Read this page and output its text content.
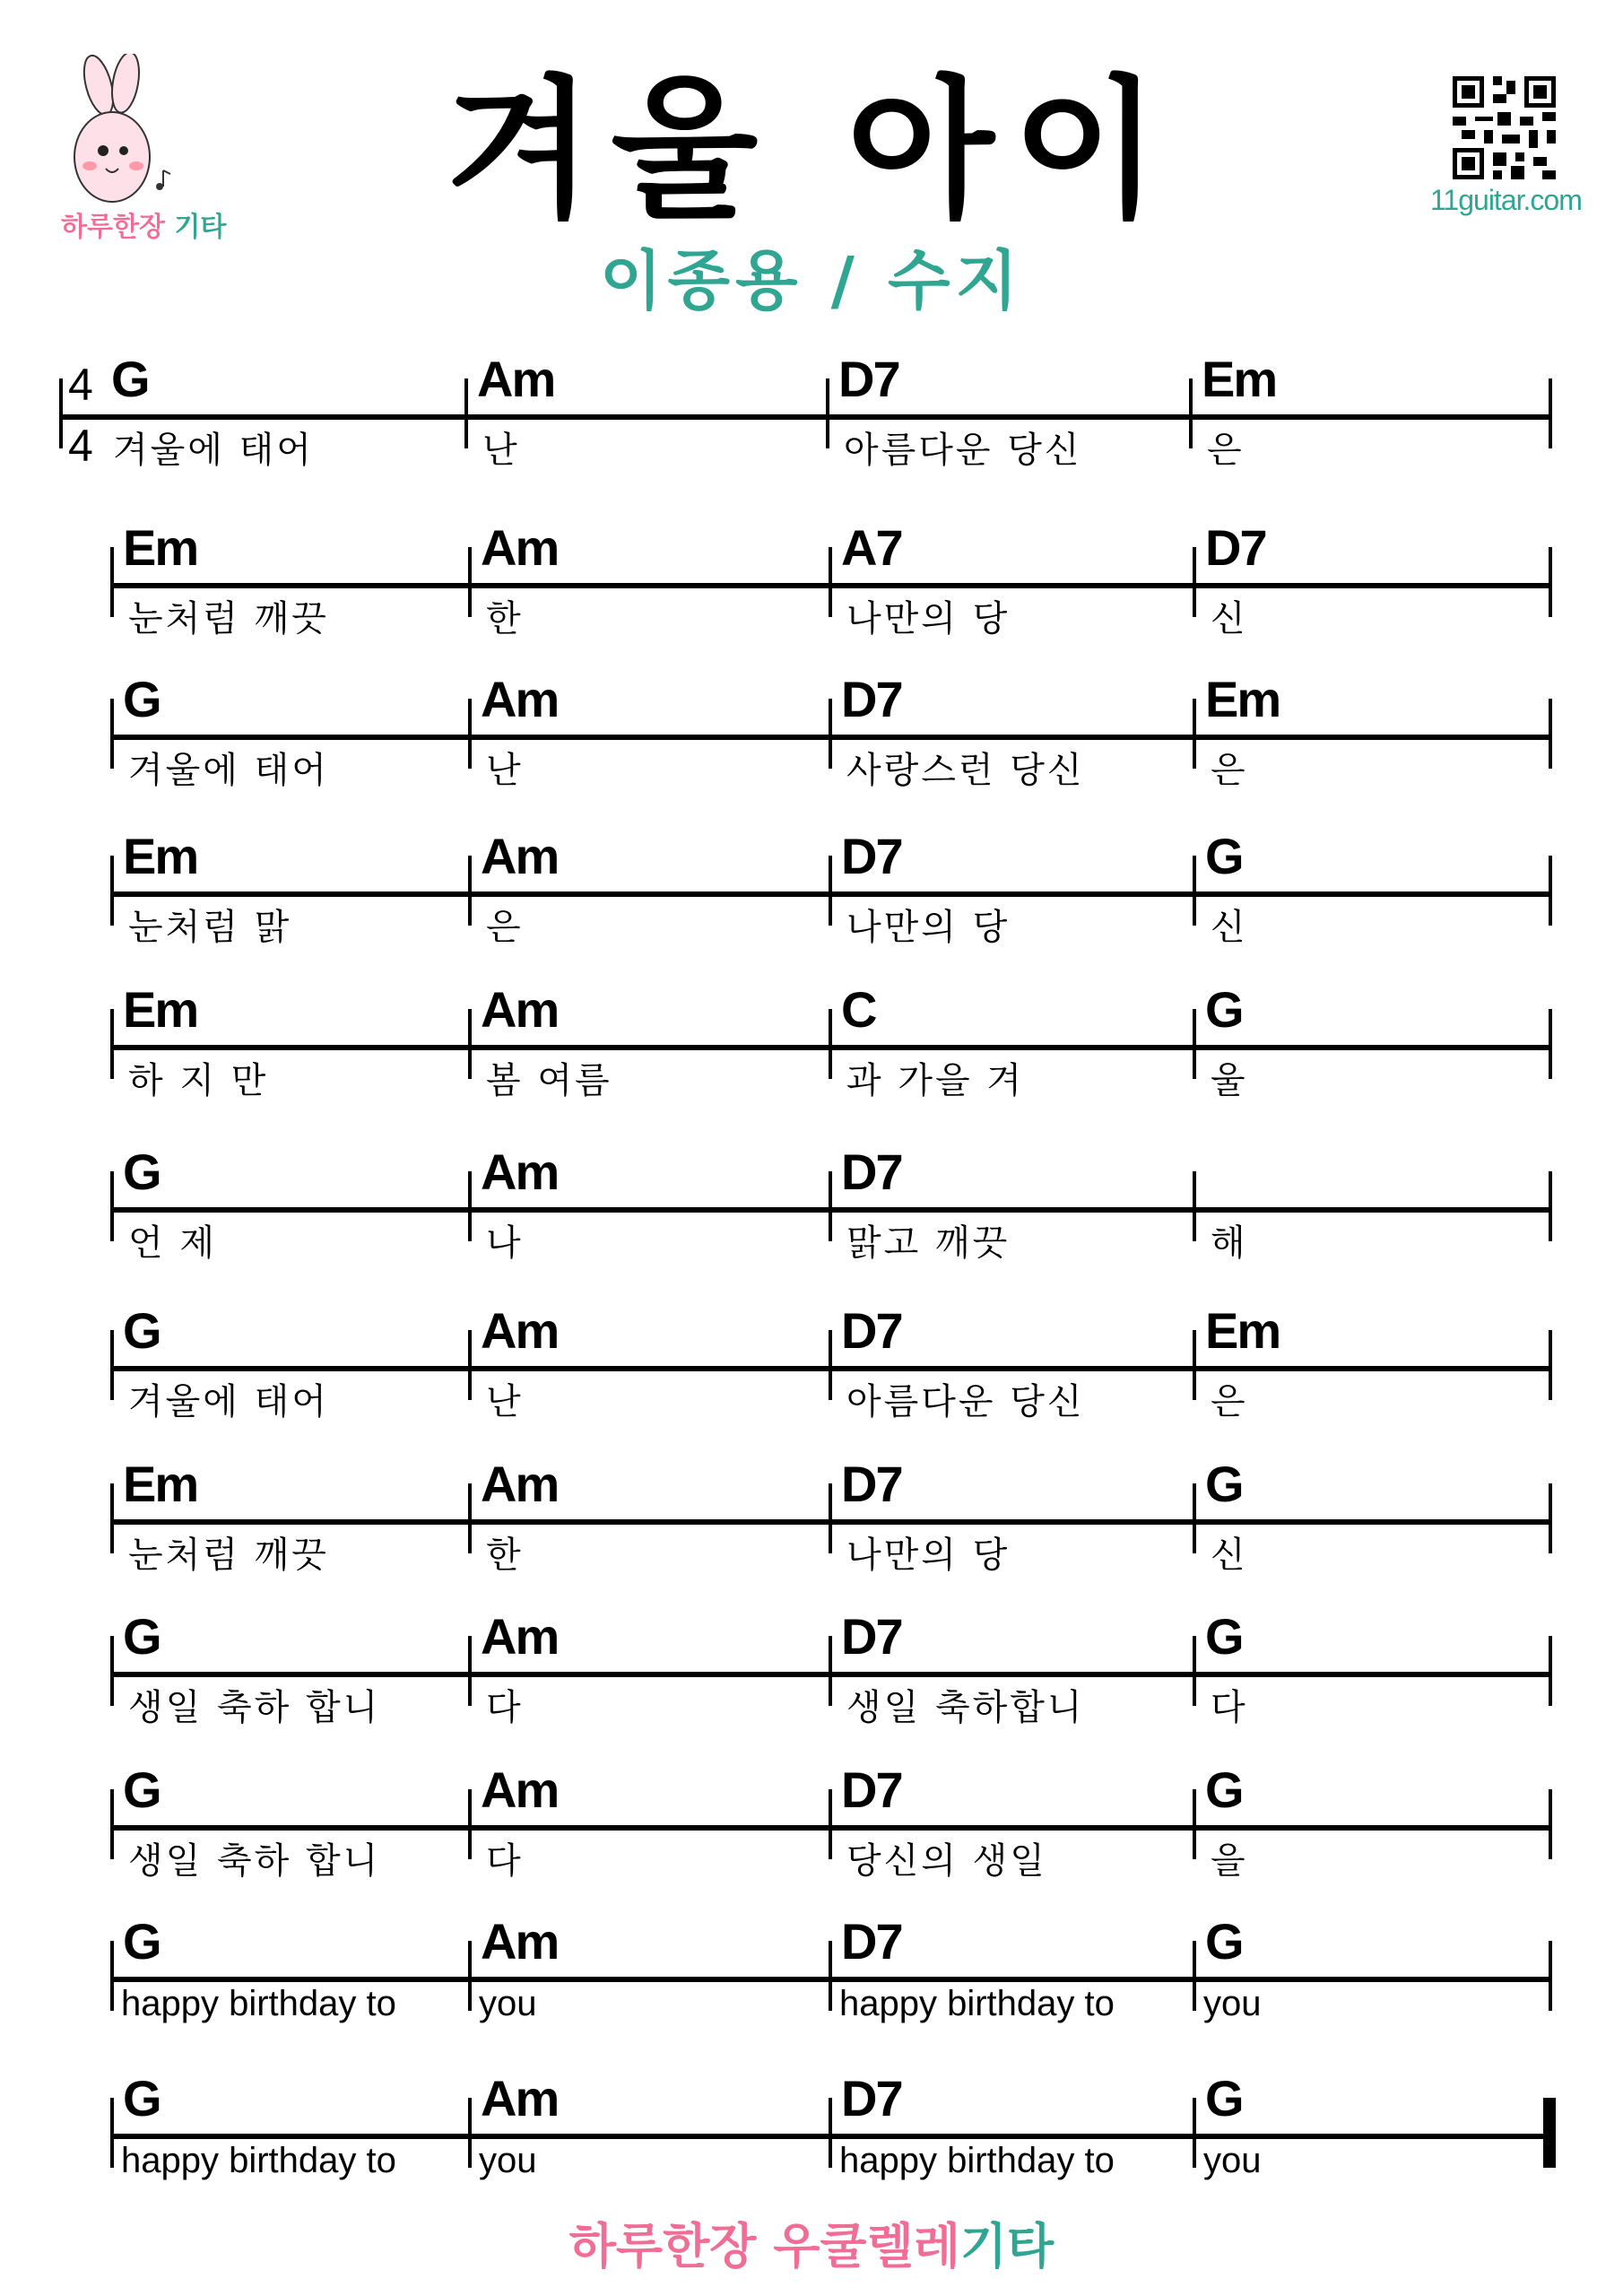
하루한장 기타	겨울 아이
이종용 / 수지
11guitar.com
4
4
G
겨울에 태어
Am
난
D7
아름다운 당신
Em
은
Em
눈처럼 깨끗
Am
한
A7
나만의 당
D7
신
G
겨울에 태어
Am
난
D7
사랑스런 당신
Em
은
Em
눈처럼 맑
Am
은
D7
나만의 당
G
신
Em
하 지 만
Am
봄 여름
C
과 가을 겨
G
울
G
언 제
Am
나
D7
맑고 깨끗	해
G
겨울에 태어
Am
난
D7
아름다운 당신
Em
은
Em
눈처럼 깨끗
Am
한
D7
나만의 당
G
신
G
생일 축하 합니
Am
다
D7
생일 축하합니
G
다
G
생일 축하 합니
Am
다
D7
당신의 생일
G
을
G
happy birthday to
Am
you
D7
happy birthday to
G
you
G
happy birthday to
Am
you
D7
happy birthday to
G
you
하루한장 우쿨렐레기타
